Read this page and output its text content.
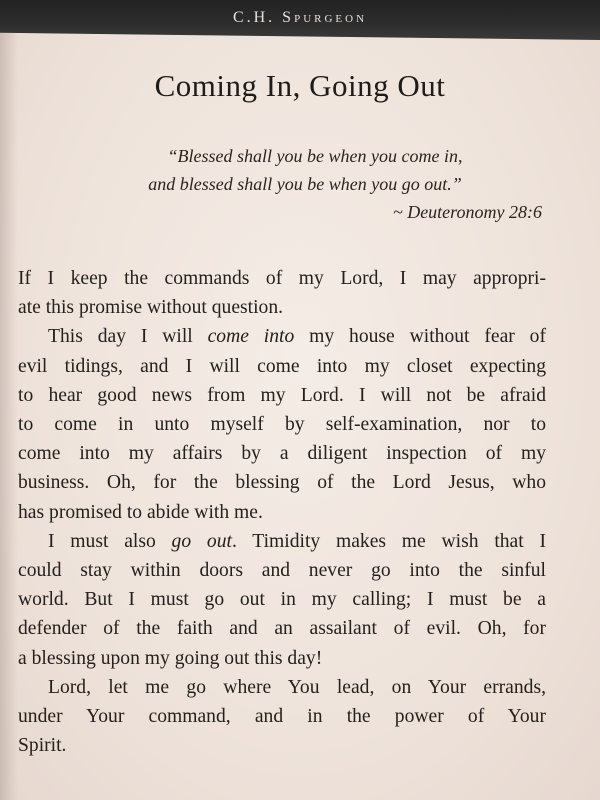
C.H. Spurgeon
Coming In, Going Out
“Blessed shall you be when you come in,
and blessed shall you be when you go out.”
~ Deuteronomy 28:6
If I keep the commands of my Lord, I may appropri-
ate this promise without question.
This day I will come into my house without fear of
evil tidings, and I will come into my closet expecting
to hear good news from my Lord. I will not be afraid
to come in unto myself by self-examination, nor to
come into my affairs by a diligent inspection of my
business. Oh, for the blessing of the Lord Jesus, who
has promised to abide with me.
I must also go out. Timidity makes me wish that I
could stay within doors and never go into the sinful
world. But I must go out in my calling; I must be a
defender of the faith and an assailant of evil. Oh, for
a blessing upon my going out this day!
Lord, let me go where You lead, on Your errands,
under Your command, and in the power of Your
Spirit.
